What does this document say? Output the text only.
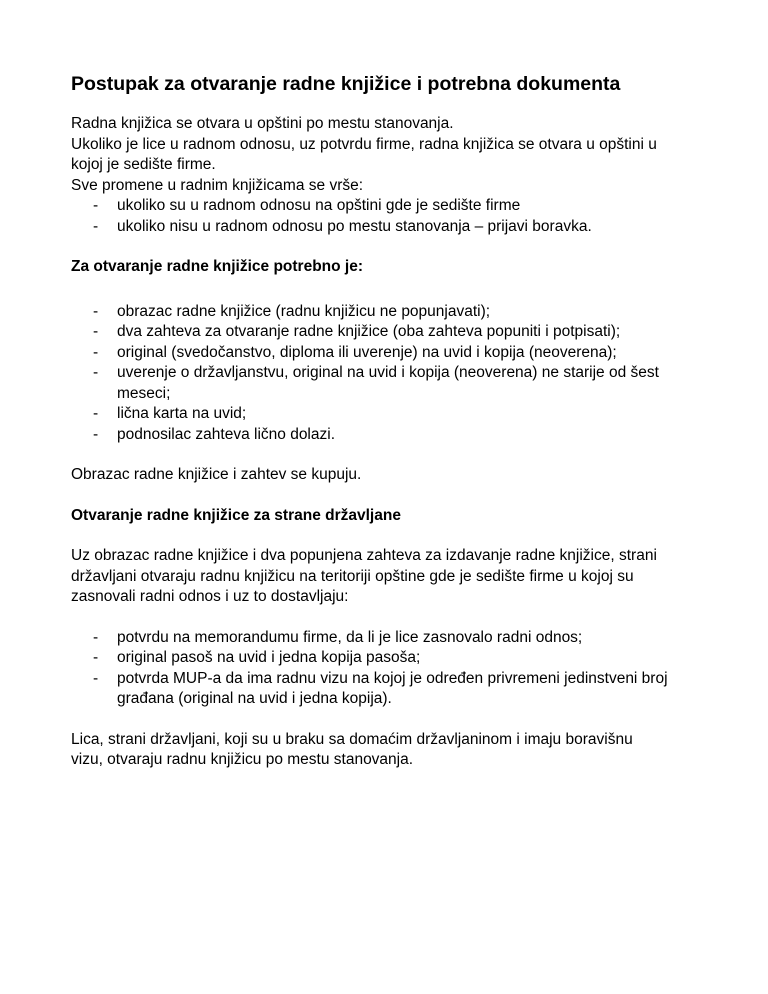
Postupak za otvaranje radne knjižice i potrebna dokumenta

Radna knjižica se otvara u opštini po mestu stanovanja.

Ukoliko je lice u radnom odnosu, uz potvrdu firme, radna knjižica se otvara u opštini u kojoj je sedište firme.

Sve promene u radnim knjižicama se vrše:

- ukoliko su u radnom odnosu na opštini gde je sedište firme
- ukoliko nisu u radnom odnosu po mestu stanovanja – prijavi boravka.

Za otvaranje radne knjižice potrebno je:

- obrazac radne knjižice (radnu knjižicu ne popunjavati);
- dva zahteva za otvaranje radne knjižice (oba zahteva popuniti i potpisati);
- original (svedočanstvo, diploma ili uverenje) na uvid i kopija (neoverena);
- uverenje o državljanstvu, original na uvid i kopija (neoverena) ne starije od šest meseci;
- lična karta na uvid;
- podnosilac zahteva lično dolazi.

Obrazac radne knjižice i zahtev se kupuju.

Otvaranje radne knjižice za strane državljane

Uz obrazac radne knjižice i dva popunjena zahteva za izdavanje radne knjižice, strani državljani otvaraju radnu knjižicu na teritoriji opštine gde je sedište firme u kojoj su zasnovali radni odnos i uz to dostavljaju:

- potvrdu na memorandumu firme, da li je lice zasnovalo radni odnos;
- original pasoš na uvid i jedna kopija pasoša;
- potvrda MUP-a da ima radnu vizu na kojoj je određen privremeni jedinstveni broj građana (original na uvid i jedna kopija).

Lica, strani državljani, koji su u braku sa domaćim državljaninom i imaju boravišnu vizu, otvaraju radnu knjižicu po mestu stanovanja.
